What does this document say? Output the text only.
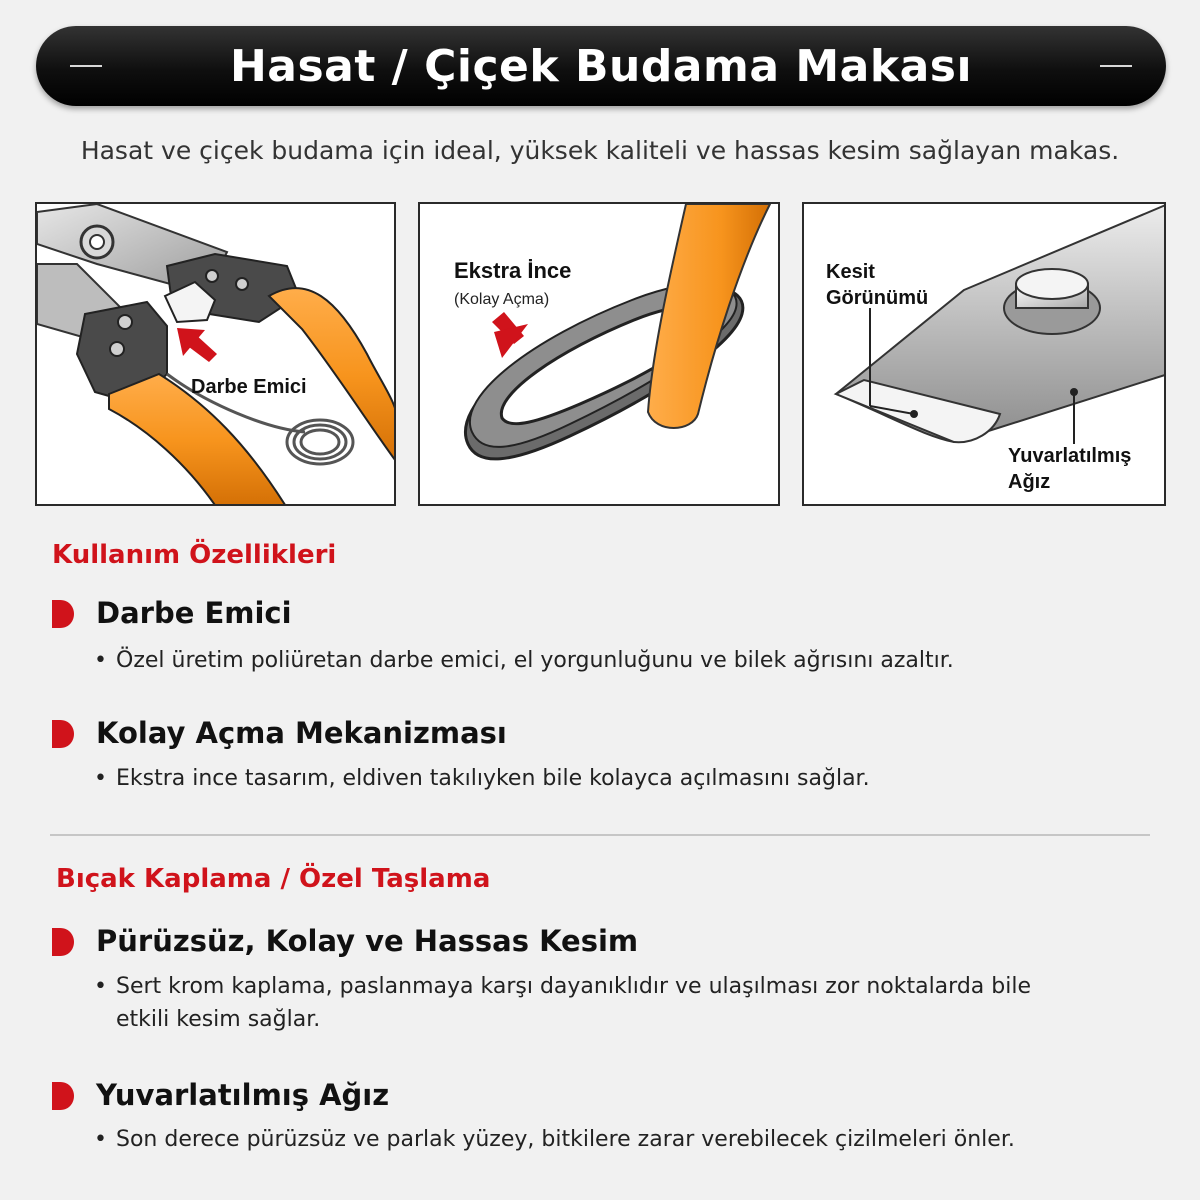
Hasat / Çiçek Budama Makası
Hasat ve çiçek budama için ideal, yüksek kaliteli ve hassas kesim sağlayan makas.
Darbe Emici
Ekstra İnce
(Kolay Açma)
Kesit
Görünümü
Yuvarlatılmış
Ağız
Kullanım Özellikleri
Darbe Emici
• Özel üretim poliüretan darbe emici, el yorgunluğunu ve bilek ağrısını azaltır.
Kolay Açma Mekanizması
• Ekstra ince tasarım, eldiven takılıyken bile kolayca açılmasını sağlar.
Bıçak Kaplama / Özel Taşlama
Pürüzsüz, Kolay ve Hassas Kesim
• Sert krom kaplama, paslanmaya karşı dayanıklıdır ve ulaşılması zor noktalarda bile
etkili kesim sağlar.
Yuvarlatılmış Ağız
• Son derece pürüzsüz ve parlak yüzey, bitkilere zarar verebilecek çizilmeleri önler.
